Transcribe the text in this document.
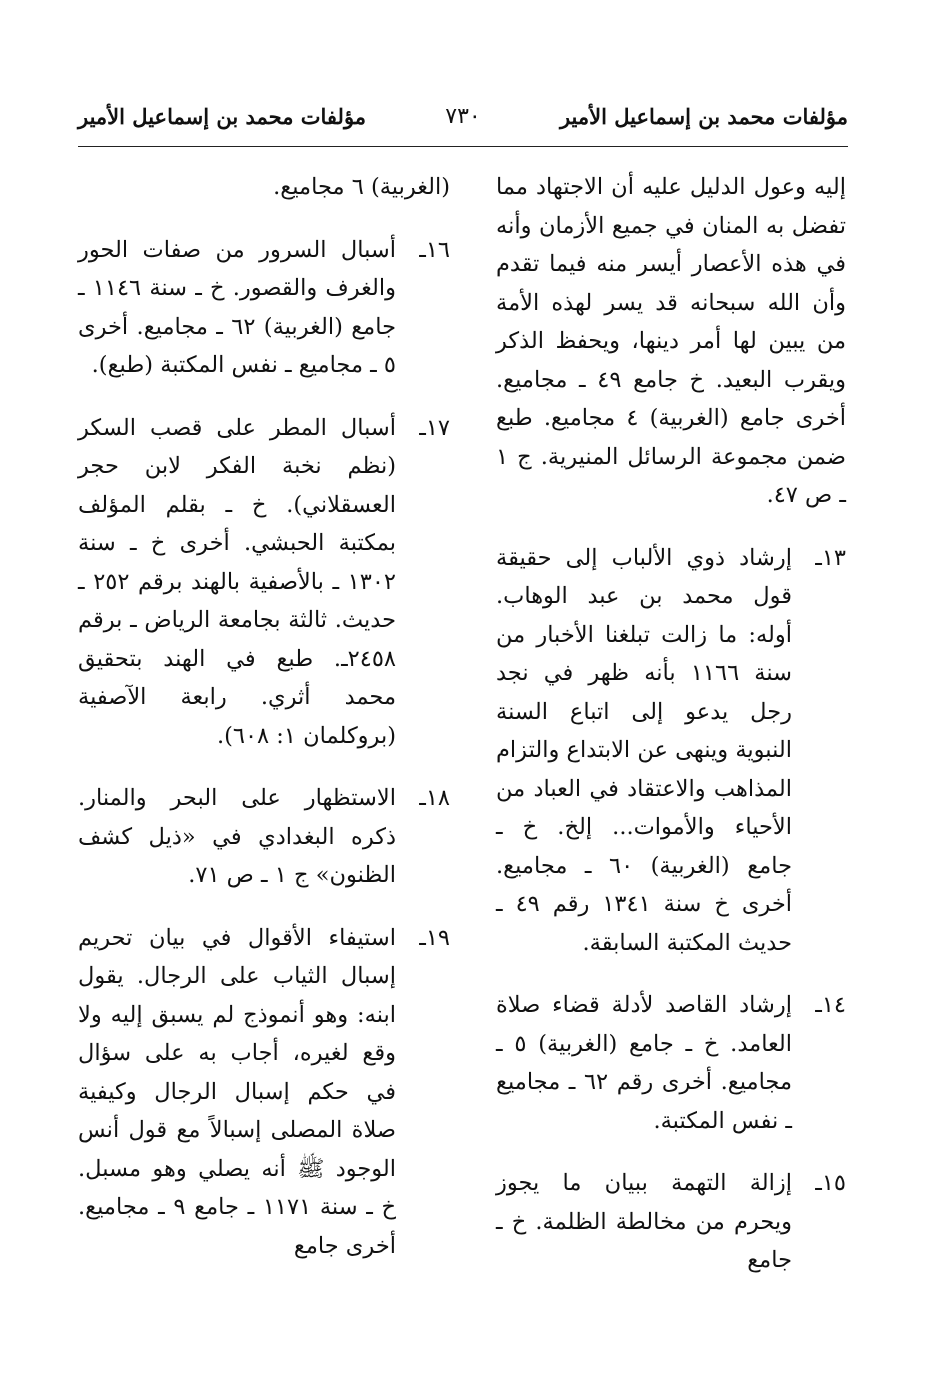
مؤلفات محمد بن إسماعيل الأمير
٧٣٠
مؤلفات محمد بن إسماعيل الأمير

إليه وعول الدليل عليه أن الاجتهاد مما تفضل به المنان في جميع الأزمان وأنه في هذه الأعصار أيسر منه فيما تقدم وأن الله سبحانه قد يسر لهذه الأمة من يبين لها أمر دينها، ويحفظ الذكر ويقرب البعيد. خ جامع ٤٩ ـ مجاميع. أخرى جامع (الغربية) ٤ مجاميع. طبع ضمن مجموعة الرسائل المنيرية. ج ١ ـ ص ٤٧.

١٣ـ
إرشاد ذوي الألباب إلى حقيقة قول محمد بن عبد الوهاب. أوله: ما زالت تبلغنا الأخبار من سنة ١١٦٦ بأنه ظهر في نجد رجل يدعو إلى اتباع السنة النبوية وينهى عن الابتداع والتزام المذاهب والاعتقاد في العباد من الأحياء والأموات... إلخ. خ ـ جامع (الغربية) ٦٠ ـ مجاميع. أخرى خ سنة ١٣٤١ رقم ٤٩ ـ حديث المكتبة السابقة.
١٤ـ
إرشاد القاصد لأدلة قضاء صلاة العامد. خ ـ جامع (الغربية) ٥ ـ مجاميع. أخرى رقم ٦٢ ـ مجاميع ـ نفس المكتبة.
١٥ـ
إزالة التهمة ببيان ما يجوز ويحرم من مخالطة الظلمة. خ ـ جامع

(الغربية) ٦ مجاميع.

١٦ـ
أسبال السرور من صفات الحور والغرف والقصور. خ ـ سنة ١١٤٦ ـ جامع (الغربية) ٦٢ ـ مجاميع. أخرى ٥ ـ مجاميع ـ نفس المكتبة (طبع).
١٧ـ
أسبال المطر على قصب السكر (نظم نخبة الفكر لابن حجر العسقلاني). خ ـ بقلم المؤلف بمكتبة الحبشي. أخرى خ ـ سنة ١٣٠٢ ـ بالأصفية بالهند برقم ٢٥٢ ـ حديث. ثالثة بجامعة الرياض ـ برقم ٢٤٥٨ـ. طبع في الهند بتحقيق محمد أثري. رابعة الآصفية (بروكلمان ١: ٦٠٨).
١٨ـ
الاستظهار على البحر والمنار. ذكره البغدادي في «ذيل كشف الظنون» ج ١ ـ ص ٧١.
١٩ـ
استيفاء الأقوال في بيان تحريم إسبال الثياب على الرجال. يقول ابنه: وهو أنموذج لم يسبق إليه ولا وقع لغيره، أجاب به على سؤال في حكم إسبال الرجال وكيفية صلاة المصلى إسبالاً مع قول أنس الوجود ﷺ أنه يصلي وهو مسبل. خ ـ سنة ١١٧١ ـ جامع ٩ ـ مجاميع. أخرى جامع
